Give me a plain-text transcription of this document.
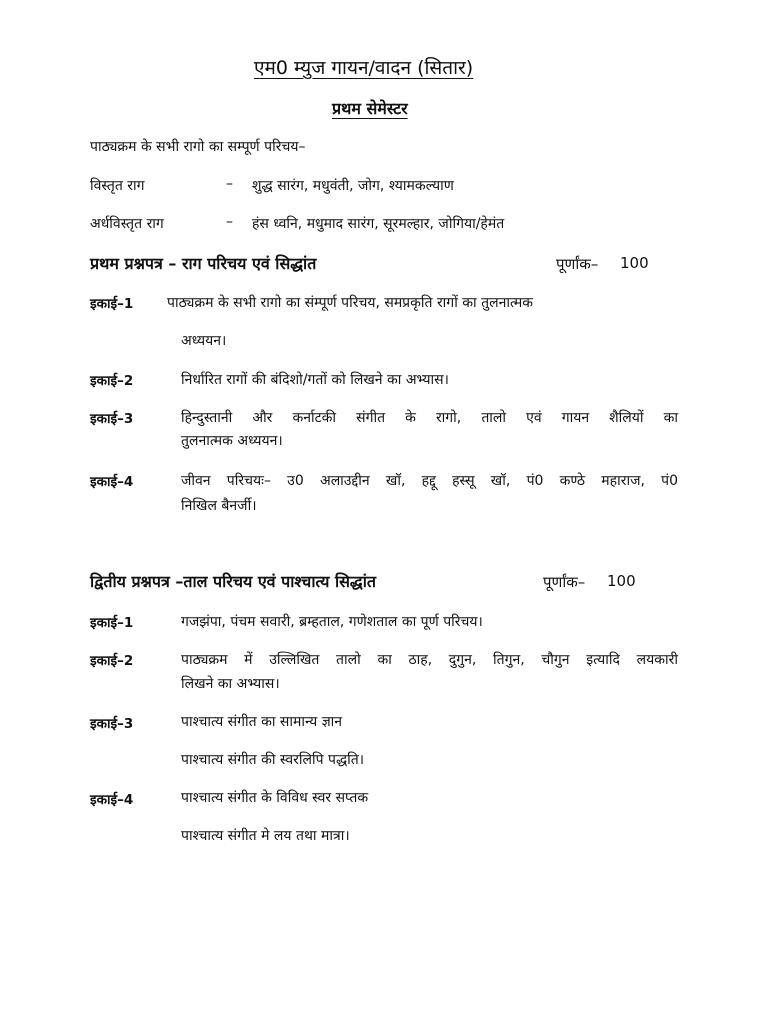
एम0 म्युज गायन/वादन (सितार)
प्रथम सेमेस्टर
पाठ्यक्रम के सभी रागो का सम्पूर्ण परिचय–
विस्तृत राग	– शुद्ध सारंग, मधुवंती, जोग, श्यामकल्याण
अर्धविस्तृत राग	– हंस ध्वनि, मधुमाद सारंग, सूरमल्हार, जोगिया/हेमंत
प्रथम प्रश्नपत्र – राग परिचय एवं सिद्धांत	पूर्णांक– 100
इकाई–1 पाठ्यक्रम के सभी रागो का संम्पूर्ण परिचय, समप्रकृति रागों का तुलनात्मक
अध्ययन।
इकाई–2	निर्धारित रागों की बंदिशो/गतों को लिखने का अभ्यास।
इकाई–3	हिन्दुस्तानी और कर्नाटकी संगीत के रागो, तालो एवं गायन शैलियों का
तुलनात्मक अध्ययन।
इकाई–4	जीवन परिचयः– उ0 अलाउद्दीन खॉ, हद्दू हस्सू खॉ, पं0 कण्ठे महाराज, पं0
निखिल बैनर्जी।
द्वितीय प्रश्नपत्र –ताल परिचय एवं पाश्चात्य सिद्धांत	पूर्णांक– 100
इकाई–1	गजझंपा, पंचम सवारी, ब्रम्हताल, गणेशताल का पूर्ण परिचय।
इकाई–2	पाठ्यक्रम में उल्लिखित तालो का ठाह, दुगुन, तिगुन, चौगुन इत्यादि लयकारी
लिखने का अभ्यास।
इकाई–3	पाश्चात्य संगीत का सामान्य ज्ञान
पाश्चात्य संगीत की स्वरलिपि पद्धति।
इकाई–4	पाश्चात्य संगीत के विविध स्वर सप्तक
पाश्चात्य संगीत मे लय तथा मात्रा।
